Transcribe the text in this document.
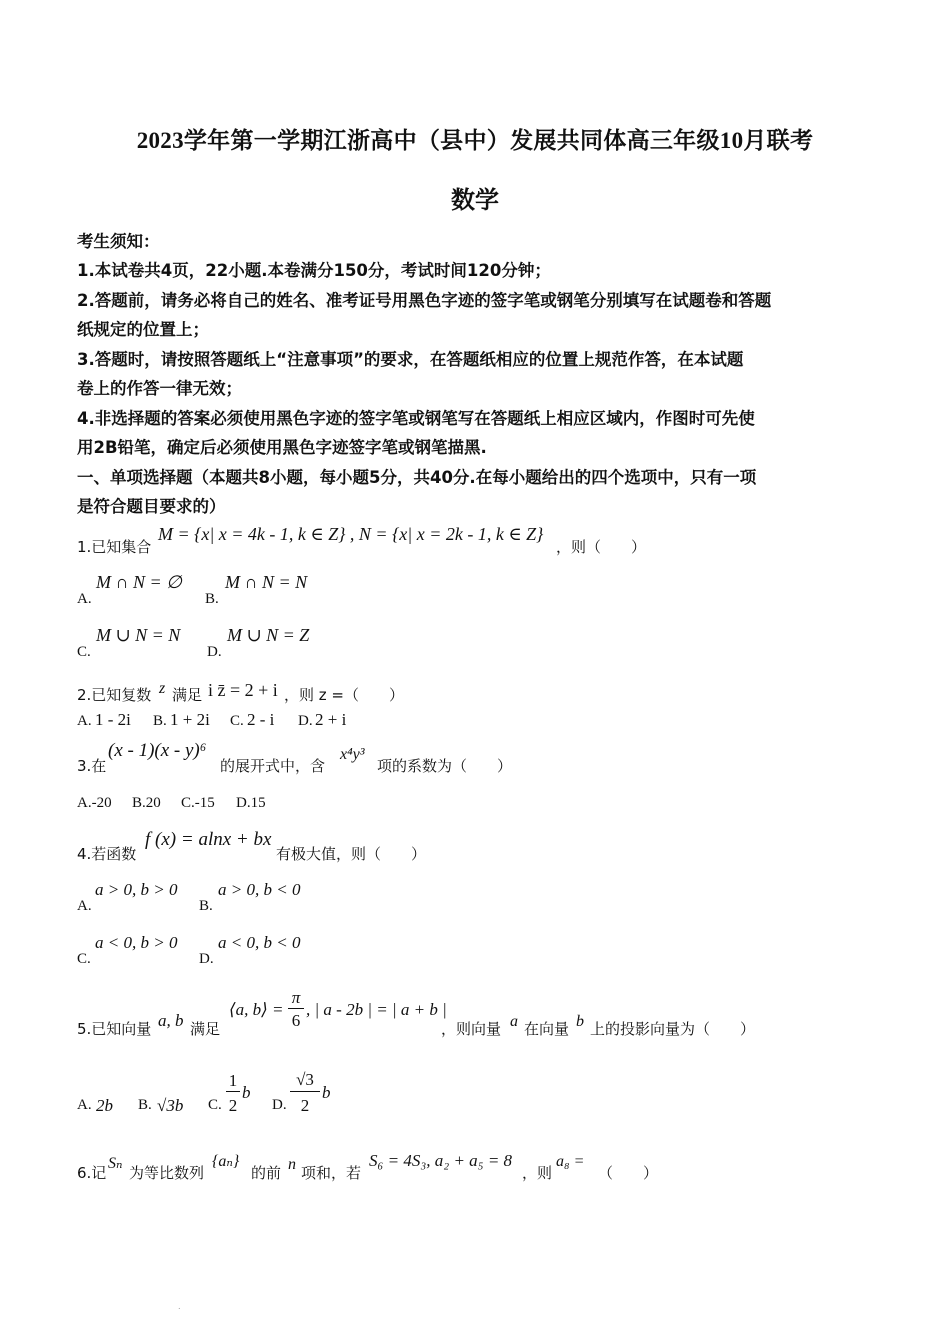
2023学年第一学期江浙高中（县中）发展共同体高三年级10月联考
数学
考生须知：
1.本试卷共4页，22小题.本卷满分150分，考试时间120分钟；
2.答题前，请务必将自己的姓名、准考证号用黑色字迹的签字笔或钢笔分别填写在试题卷和答题
纸规定的位置上；
3.答题时，请按照答题纸上“注意事项”的要求，在答题纸相应的位置上规范作答，在本试题
卷上的作答一律无效；
4.非选择题的答案必须使用黑色字迹的签字笔或钢笔写在答题纸上相应区域内，作图时可先使
用2B铅笔，确定后必须使用黑色字迹签字笔或钢笔描黑.
一、单项选择题（本题共8小题，每小题5分，共40分.在每小题给出的四个选项中，只有一项
是符合题目要求的）
1.已知集合
M = {x| x = 4k - 1, k ∈ Z} , N = {x| x = 2k - 1, k ∈ Z}
，则（　　）
A.
M ∩ N = ∅
B.
M ∩ N = N
C.
M ∪ N = N
D.
M ∪ N = Z
2.已知复数 z 满足 i z̄ = 2 + i ，则 z =（　　）
A. 1 - 2i B. 1 + 2i C. 2 - i D. 2 + i
3.在
(x - 1)(x - y)⁶
的展开式中，含
x⁴y³
项的系数为（　　）
A.-20 B.20 C.-15 D.15
4.若函数
f (x) = alnx + bx
有极大值，则（　　）
A.
a > 0, b > 0
B.
a > 0, b < 0
C.
a < 0, b > 0
D.
a < 0, b < 0
5.已知向量 a, b 满足
⟨a, b⟩ =
π
6
, | a - 2b | = | a + b |
，则向量 a 在向量 b 上的投影向量为（　　）
A. 2b B. √3b C.
1
2
b
D.
√3
2
b
6.记
Sₙ
为等比数列
{aₙ}
的前 n 项和，若
S₆ = 4S₃, a₂ + a₅ = 8
，则
a₈ =
（　　）
.
